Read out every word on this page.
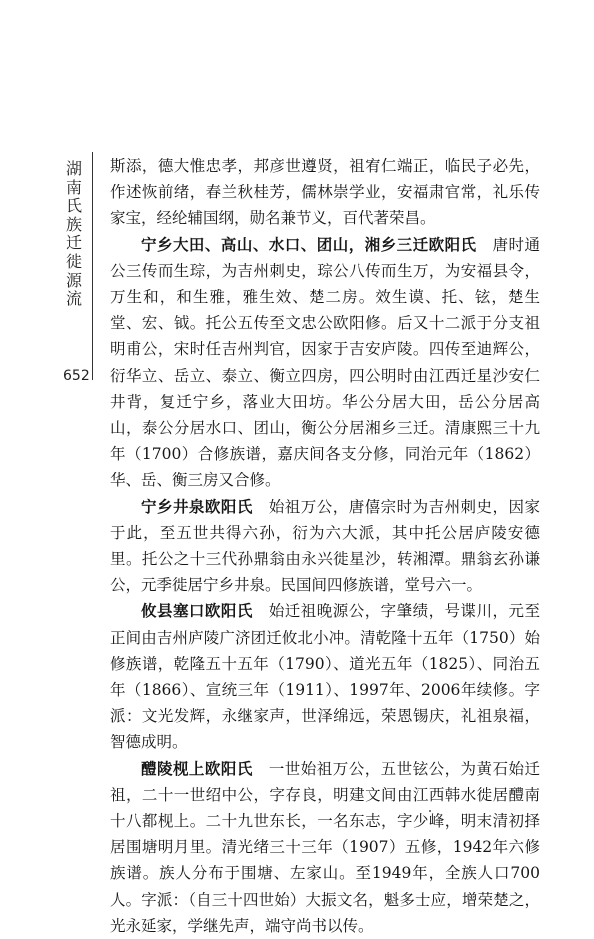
湖
南
氏
族
迁
徙
源
流
652

斯添，德大惟忠孝，邦彦世遵贤，祖宥仁端正，临民子必先，作述恢前绪，春兰秋桂芳，儒林崇学业，安福肃官常，礼乐传家宝，经纶辅国纲，勋名兼节义，百代著荣昌。

宁乡大田、高山、水口、团山，湘乡三迁欧阳氏　 唐时通公三传而生琮，为吉州刺史，琮公八传而生万，为安福县令，万生和，和生雅，雅生效、楚二房。效生谟、托、铉，楚生堂、宏、钺。托公五传至文忠公欧阳修。后又十二派于分支祖明甫公，宋时任吉州判官，因家于吉安庐陵。四传至迪辉公，衍华立、岳立、泰立、衡立四房，四公明时由江西迁星沙安仁井背，复迁宁乡，落业大田坊。华公分居大田，岳公分居高山，泰公分居水口、团山，衡公分居湘乡三迁。清康熙三十九年（1700）合修族谱，嘉庆间各支分修，同治元年（1862）华、岳、衡三房又合修。

宁乡井泉欧阳氏　 始祖万公，唐僖宗时为吉州刺史，因家于此，至五世共得六孙，衍为六大派，其中托公居庐陵安德里。托公之十三代孙鼎翁由永兴徙星沙，转湘潭。鼎翁玄孙谦公，元季徙居宁乡井泉。民国间四修族谱，堂号六一。

攸县塞口欧阳氏　 始迁祖晚源公，字肇绩，号谍川，元至正间由吉州庐陵广济团迁攸北小冲。清乾隆十五年（1750）始修族谱，乾隆五十五年（1790）、道光五年（1825）、同治五年（1866）、宣统三年（1911）、1997年、2006年续修。字派：文光发辉，永继家声，世泽绵远，荣恩锡庆，礼祖泉福，智德成明。

醴陵枧上欧阳氏　 一世始祖万公，五世铉公，为黄石始迁祖，二十一世绍中公，字存良，明建文间由江西韩水徙居醴南十八都枧上。二十九世东长，一名东志，字少峰，明末清初择居围塘明月里。清光绪三十三年（1907）五修，1942年六修族谱。族人分布于围塘、左家山。至1949年，全族人口700人。字派：（自三十四世始）大振文名，魁多士应，增荣楚之，光永延家，学继先声，端守尚书以传。
